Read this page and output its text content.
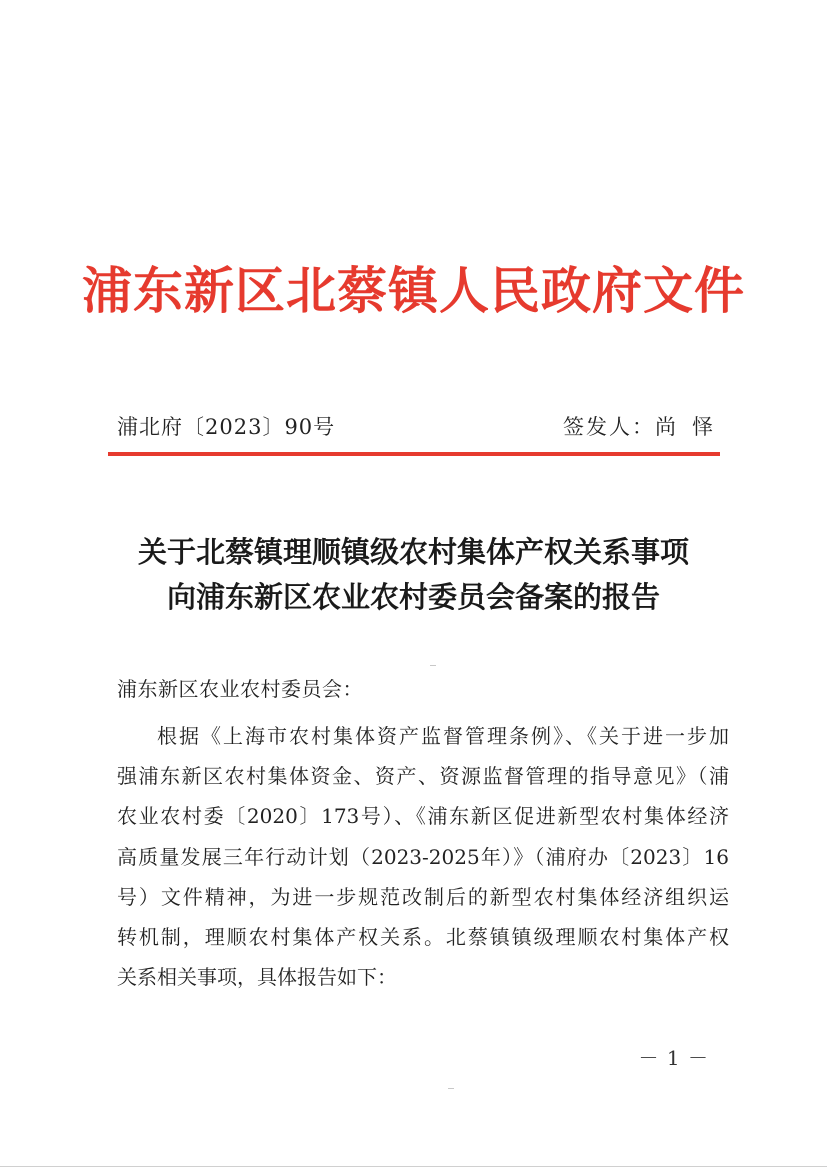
浦东新区北蔡镇人民政府文件
浦北府〔2023〕90号	签发人：尚 怿
关于北蔡镇理顺镇级农村集体产权关系事项
向浦东新区农业农村委员会备案的报告
浦东新区农业农村委员会：
根据《上海市农村集体资产监督管理条例》、《关于进一步加
强浦东新区农村集体资金、资产、资源监督管理的指导意见》（浦
农业农村委〔2020〕173号）、《浦东新区促进新型农村集体经济
高质量发展三年行动计划（2023-2025年）》（浦府办〔2023〕16
号）文件精神，为进一步规范改制后的新型农村集体经济组织运
转机制，理顺农村集体产权关系。北蔡镇镇级理顺农村集体产权
关系相关事项，具体报告如下：
－ 1 －
